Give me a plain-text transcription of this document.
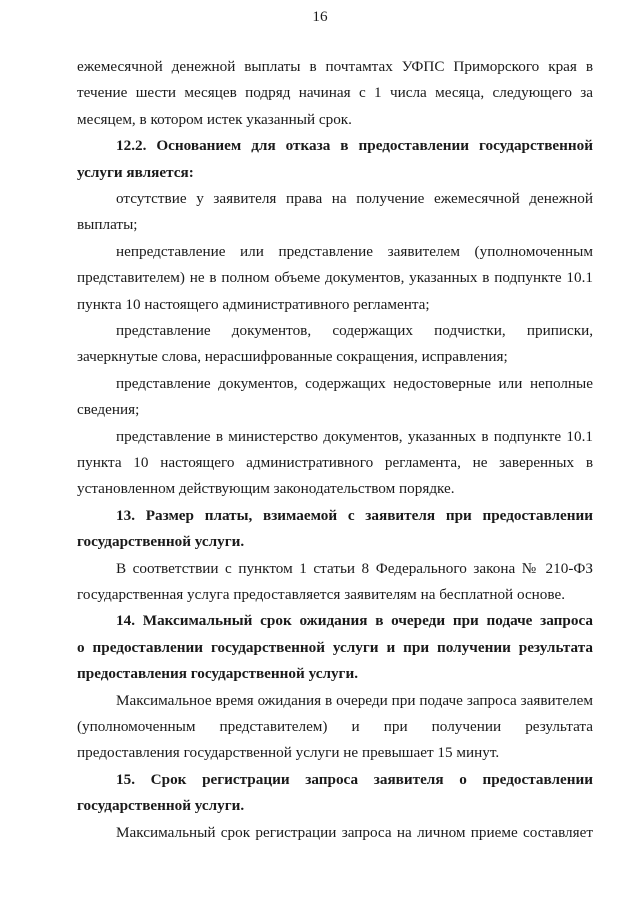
16
ежемесячной денежной выплаты в почтамтах УФПС Приморского края в
течение шести месяцев подряд начиная с 1 числа месяца, следующего за
месяцем, в котором истек указанный срок.
12.2. Основанием для отказа в предоставлении государственной
услуги является:
отсутствие у заявителя права на получение ежемесячной денежной
выплаты;
непредставление или представление заявителем (уполномоченным
представителем) не в полном объеме документов, указанных в подпункте 10.1
пункта 10 настоящего административного регламента;
представление документов, содержащих подчистки, приписки,
зачеркнутые слова, нерасшифрованные сокращения, исправления;
представление документов, содержащих недостоверные или неполные
сведения;
представление в министерство документов, указанных в подпункте 10.1
пункта 10 настоящего административного регламента, не заверенных в
установленном действующим законодательством порядке.
13. Размер платы, взимаемой с заявителя при предоставлении
государственной услуги.
В соответствии с пунктом 1 статьи 8 Федерального закона № 210-ФЗ
государственная услуга предоставляется заявителям на бесплатной основе.
14. Максимальный срок ожидания в очереди при подаче запроса
о предоставлении государственной услуги и при получении результата
предоставления государственной услуги.
Максимальное время ожидания в очереди при подаче запроса заявителем
(уполномоченным представителем) и при получении результата
предоставления государственной услуги не превышает 15 минут.
15. Срок регистрации запроса заявителя о предоставлении
государственной услуги.
Максимальный срок регистрации запроса на личном приеме составляет
